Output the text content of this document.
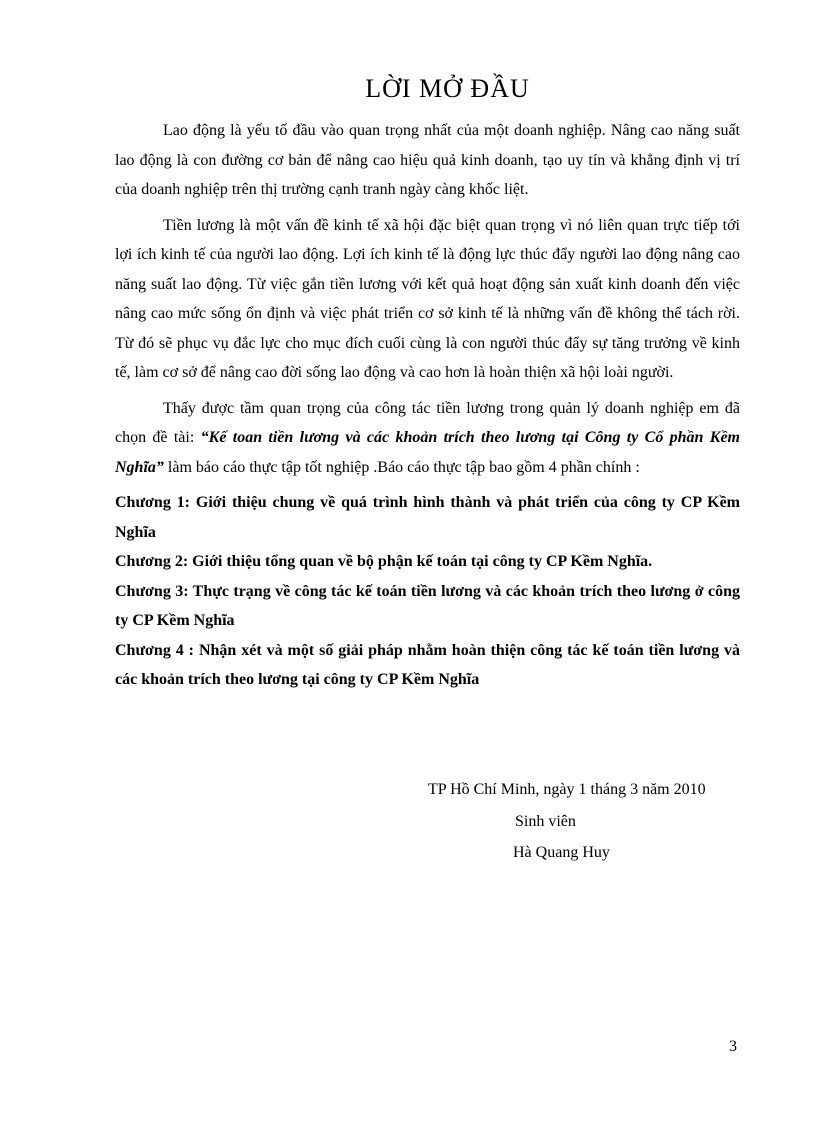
LỜI MỞ ĐẦU

Lao động là yếu tố đầu vào quan trọng nhất của một doanh nghiệp. Nâng cao năng suất lao động là con đường cơ bản để nâng cao hiệu quả kinh doanh, tạo uy tín và khẳng định vị trí của doanh nghiệp trên thị trường cạnh tranh ngày càng khốc liệt.

Tiền lương là một vấn đề kinh tế xã hội đặc biệt quan trọng vì nó liên quan trực tiếp tới lợi ích kinh tế của người lao động. Lợi ích kinh tế là động lực thúc đẩy người lao động nâng cao năng suất lao động. Từ việc gắn tiền lương với kết quả hoạt động sản xuất kinh doanh đến việc nâng cao mức sống ổn định và việc phát triển cơ sở kinh tế là những vấn đề không thể tách rời. Từ đó sẽ phục vụ đắc lực cho mục đích cuối cùng là con người thúc đẩy sự tăng trưởng về kinh tế, làm cơ sở để nâng cao đời sống lao động và cao hơn là hoàn thiện xã hội loài người.

Thấy được tầm quan trọng của công tác tiền lương trong quản lý doanh nghiệp em đã chọn đề tài: “Kế toan tiền lương và các khoản trích theo lương tại Công ty Cổ phần Kềm Nghĩa” làm báo cáo thực tập tốt nghiệp .Báo cáo thực tập bao gồm 4 phần chính :

Chương 1: Giới thiệu chung về quá trình hình thành và phát triển của công ty CP Kềm Nghĩa

Chương 2: Giới thiệu tổng quan về bộ phận kế toán tại công ty CP Kềm Nghĩa.

Chương 3: Thực trạng về công tác kế toán tiền lương và các khoản trích theo lương ở công ty CP Kềm Nghĩa

Chương 4 : Nhận xét và một số giải pháp nhằm hoàn thiện công tác kế toán tiền lương và các khoản trích theo lương tại công ty CP Kềm Nghĩa

TP Hồ Chí Minh, ngày 1 tháng 3 năm 2010
Sinh viên
Hà Quang Huy
3
